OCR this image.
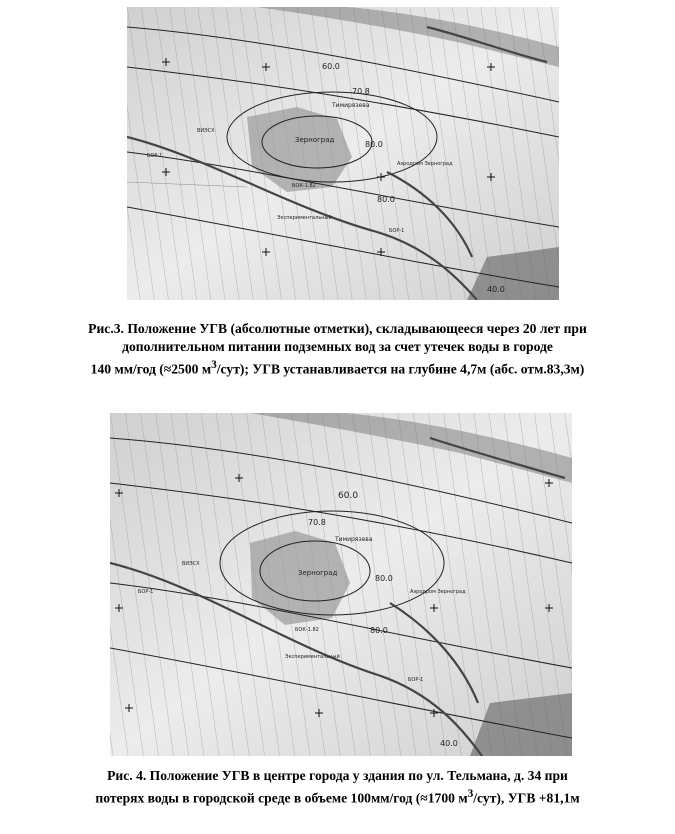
60.0
70.8
80.0
80.0
40.0
Зерноград
Тимирязева
Аэродром Зерноград
БОР-1
БОК-1.82
БОР-1
Экспериментальный
ВИЭСХ
Рис.3. Положение УГВ (абсолютные отметки), складывающееся через 20 лет при
дополнительном питании подземных вод за счет утечек воды в городе
140 мм/год (≈2500 $м^3/сут$); УГВ устанавливается на глубине 4,7м (абс. отм.83,3м)
60.0
70.8
80.0
80.0
40.0
Зерноград
Тимирязева
Аэродром Зерноград
БОР-1
БОК-1.82
БОР-1
Экспериментальный
ВИЭСХ
Рис. 4. Положение УГВ в центре города у здания по ул. Тельмана, д. 34 при
потерях воды в городской среде в объеме 100мм/год (≈1700 $м^3/сут$), УГВ +81,1м
